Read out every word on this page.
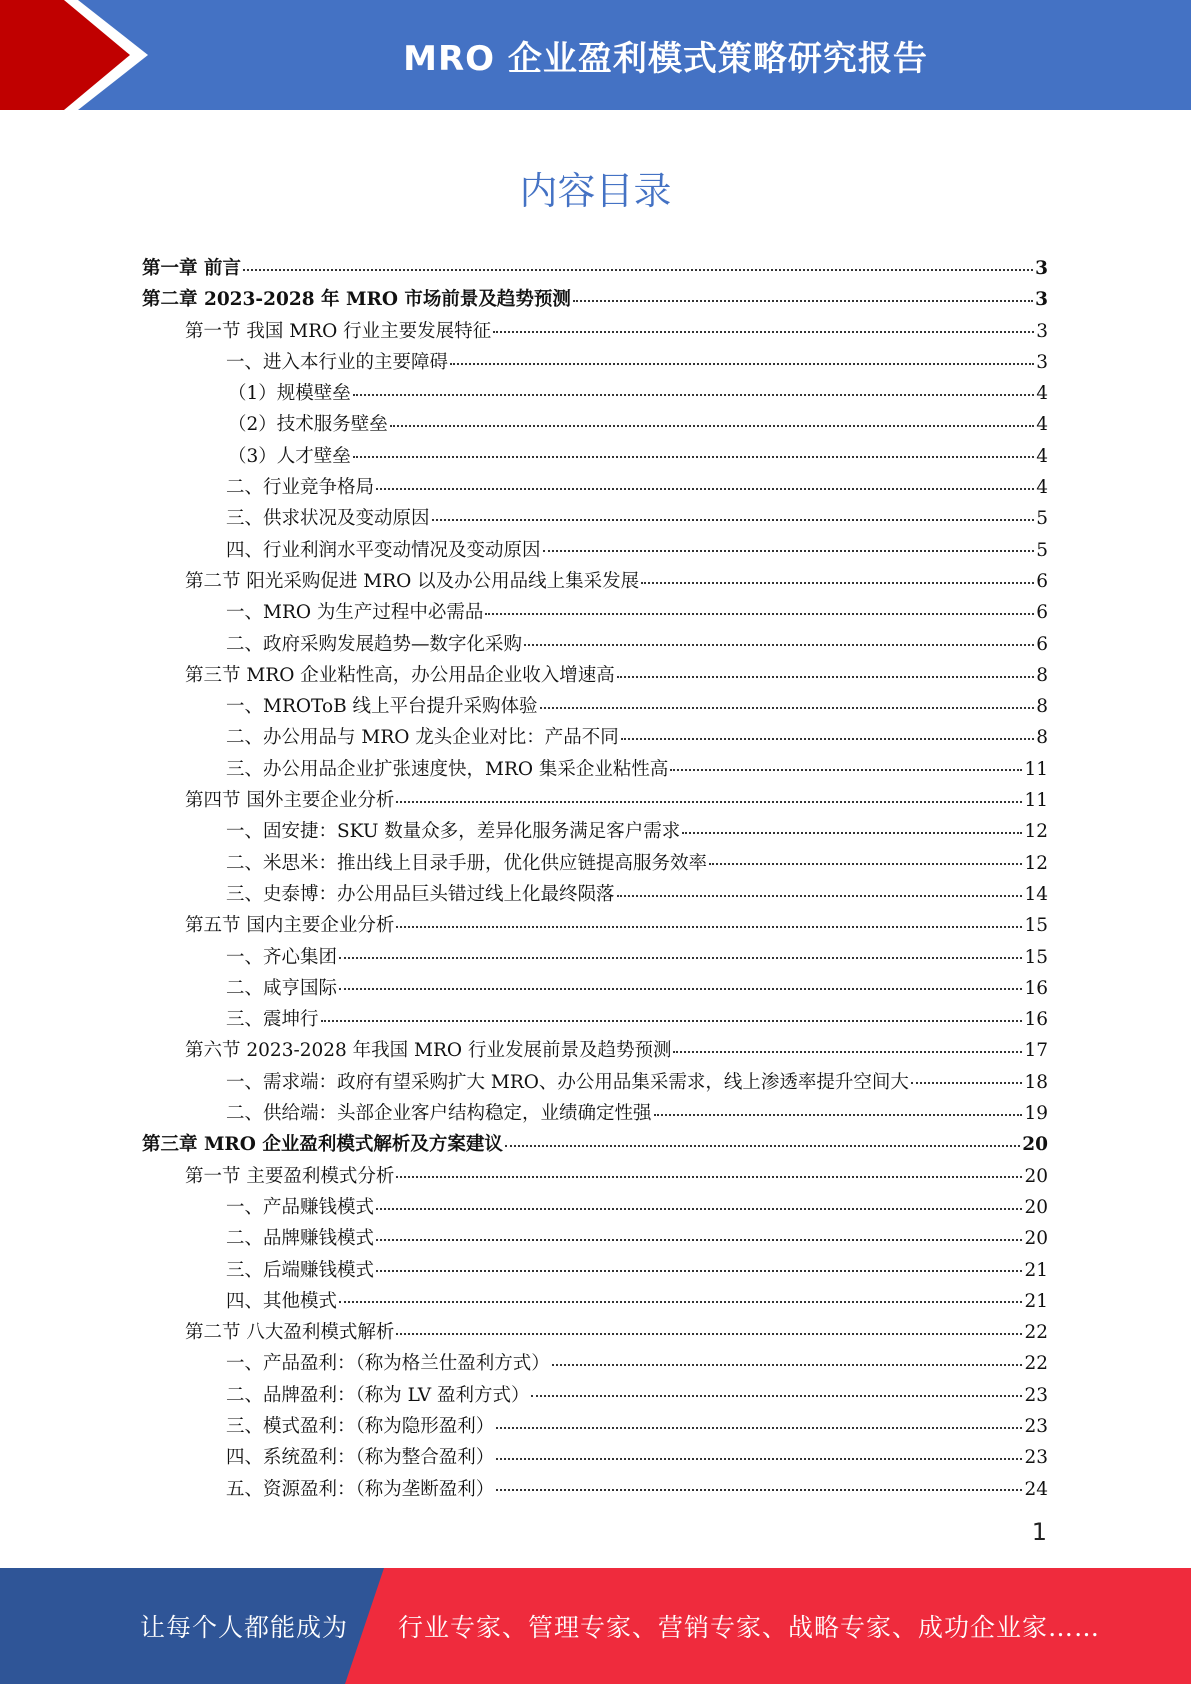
MRO 企业盈利模式策略研究报告
内容目录
第一章 前言	3
第二章 2023-2028 年 MRO 市场前景及趋势预测	3
第一节 我国 MRO 行业主要发展特征	3
一、进入本行业的主要障碍	3
（1）规模壁垒	4
（2）技术服务壁垒	4
（3）人才壁垒	4
二、行业竞争格局	4
三、供求状况及变动原因	5
四、行业利润水平变动情况及变动原因	5
第二节 阳光采购促进 MRO 以及办公用品线上集采发展	6
一、MRO 为生产过程中必需品	6
二、政府采购发展趋势—数字化采购	6
第三节 MRO 企业粘性高，办公用品企业收入增速高	8
一、MROToB 线上平台提升采购体验	8
二、办公用品与 MRO 龙头企业对比：产品不同	8
三、办公用品企业扩张速度快，MRO 集采企业粘性高	11
第四节 国外主要企业分析	11
一、固安捷：SKU 数量众多，差异化服务满足客户需求	12
二、米思米：推出线上目录手册，优化供应链提高服务效率	12
三、史泰博：办公用品巨头错过线上化最终陨落	14
第五节 国内主要企业分析	15
一、齐心集团	15
二、咸亨国际	16
三、震坤行	16
第六节 2023-2028 年我国 MRO 行业发展前景及趋势预测	17
一、需求端：政府有望采购扩大 MRO、办公用品集采需求，线上渗透率提升空间大	18
二、供给端：头部企业客户结构稳定，业绩确定性强	19
第三章 MRO 企业盈利模式解析及方案建议	20
第一节 主要盈利模式分析	20
一、产品赚钱模式	20
二、品牌赚钱模式	20
三、后端赚钱模式	21
四、其他模式	21
第二节 八大盈利模式解析	22
一、产品盈利：（称为格兰仕盈利方式）	22
二、品牌盈利：（称为 LV 盈利方式）	23
三、模式盈利：（称为隐形盈利）	23
四、系统盈利：（称为整合盈利）	23
五、资源盈利：（称为垄断盈利）	24
1
让每个人都能成为 行业专家、管理专家、营销专家、战略专家、成功企业家……
